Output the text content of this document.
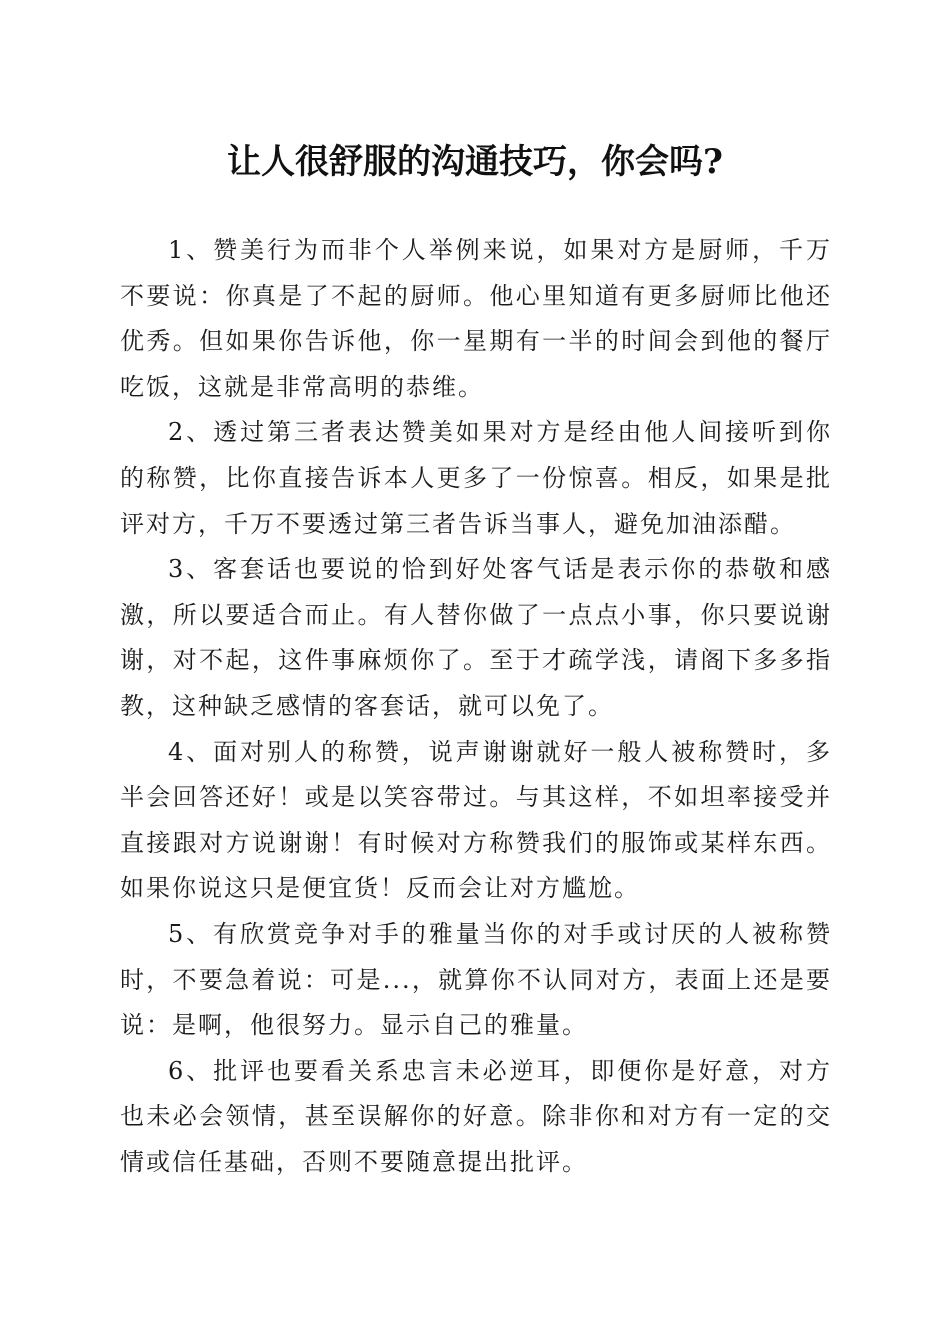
让人很舒服的沟通技巧，你会吗?

1、赞美行为而非个人举例来说，如果对方是厨师，千万不要说：你真是了不起的厨师。他心里知道有更多厨师比他还优秀。但如果你告诉他，你一星期有一半的时间会到他的餐厅吃饭，这就是非常高明的恭维。

2、透过第三者表达赞美如果对方是经由他人间接听到你的称赞，比你直接告诉本人更多了一份惊喜。相反，如果是批评对方，千万不要透过第三者告诉当事人，避免加油添醋。

3、客套话也要说的恰到好处客气话是表示你的恭敬和感激，所以要适合而止。有人替你做了一点点小事，你只要说谢谢，对不起，这件事麻烦你了。至于才疏学浅，请阁下多多指教，这种缺乏感情的客套话，就可以免了。

4、面对别人的称赞，说声谢谢就好一般人被称赞时，多半会回答还好！或是以笑容带过。与其这样，不如坦率接受并直接跟对方说谢谢！有时候对方称赞我们的服饰或某样东西。如果你说这只是便宜货！反而会让对方尴尬。

5、有欣赏竞争对手的雅量当你的对手或讨厌的人被称赞时，不要急着说：可是...，就算你不认同对方，表面上还是要说：是啊，他很努力。显示自己的雅量。

6、批评也要看关系忠言未必逆耳，即便你是好意，对方也未必会领情，甚至误解你的好意。除非你和对方有一定的交情或信任基础，否则不要随意提出批评。
